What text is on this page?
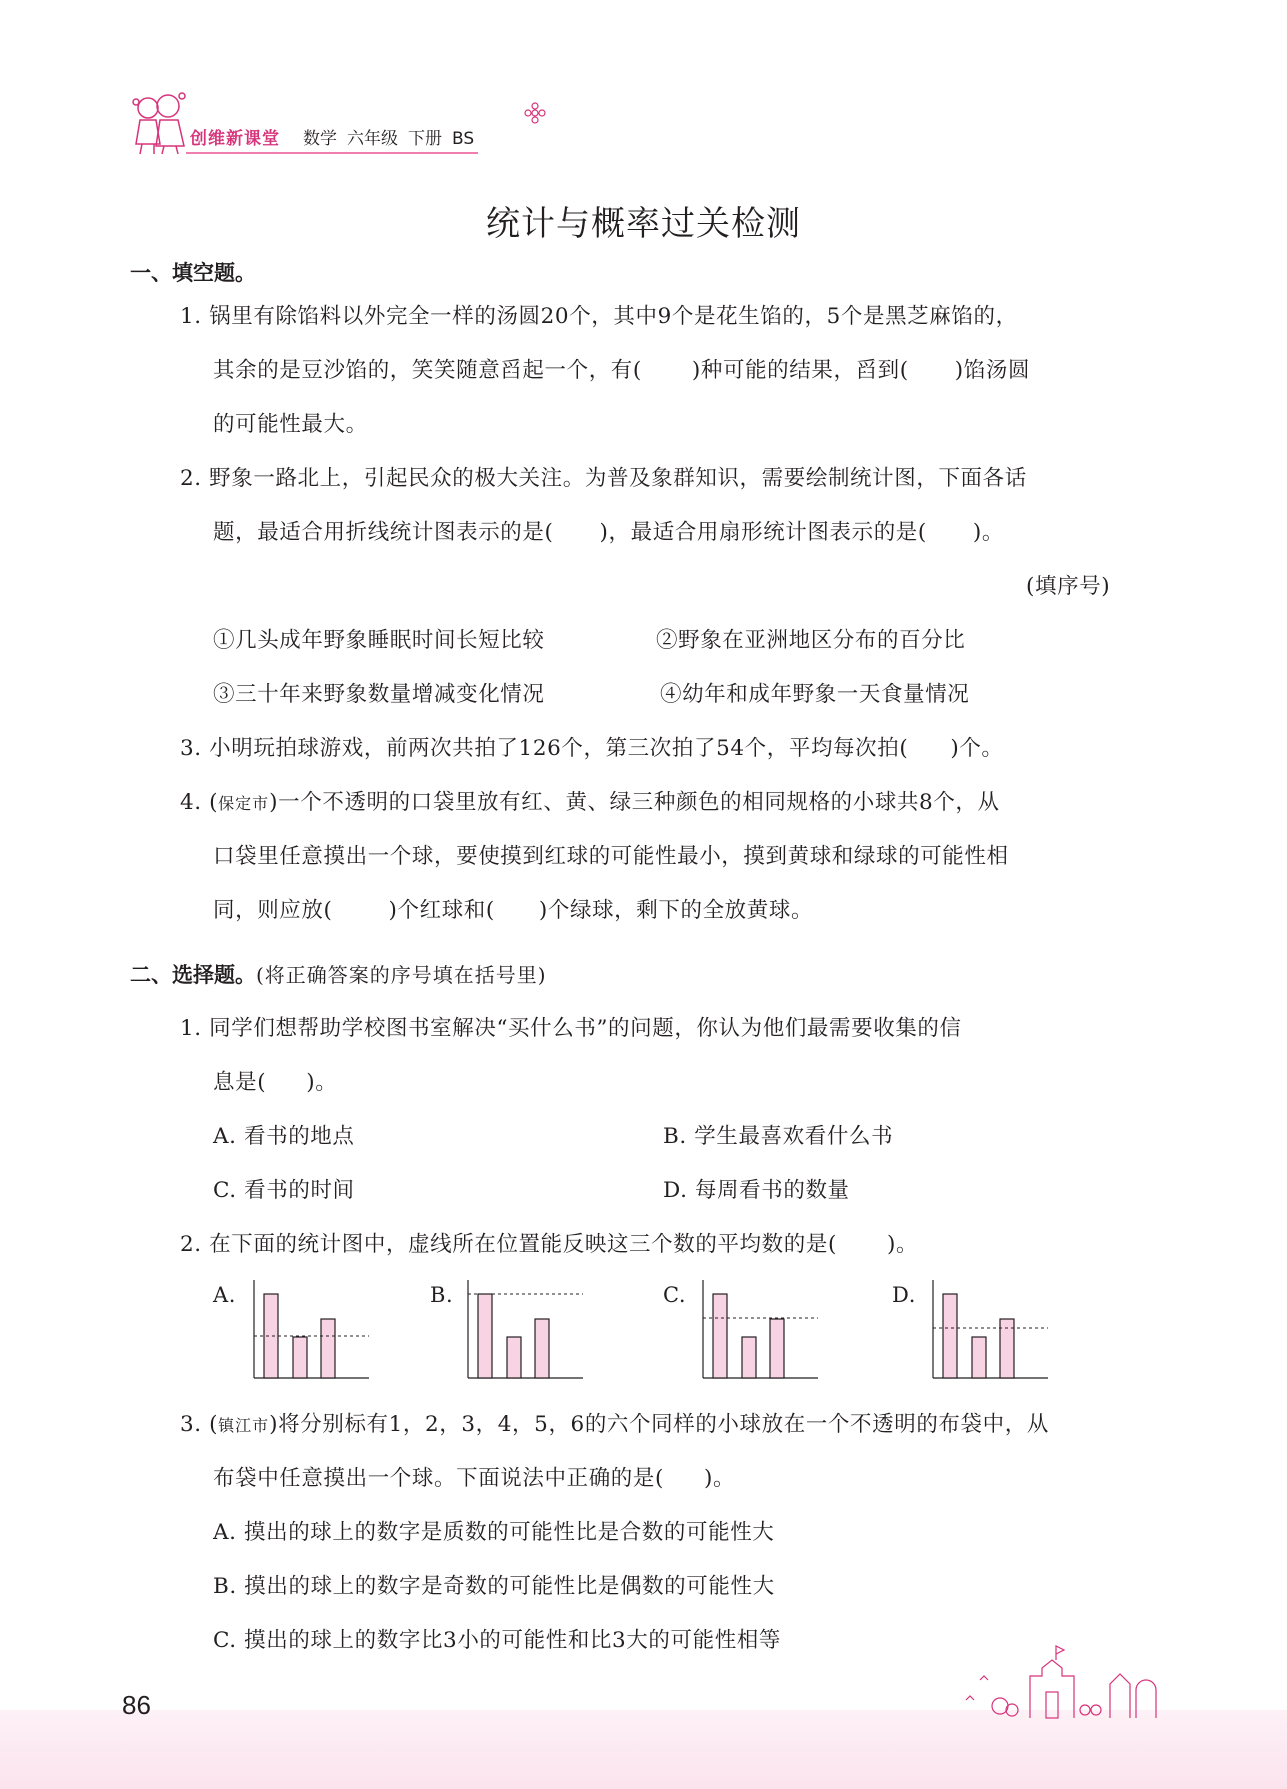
创维新课堂 数学 六年级 下册 BS
统计与概率过关检测
一、填空题。
1. 锅里有除馅料以外完全一样的汤圆20个，其中9个是花生馅的，5个是黑芝麻馅的，
其余的是豆沙馅的，笑笑随意舀起一个，有( )种可能的结果，舀到( )馅汤圆
的可能性最大。
2. 野象一路北上，引起民众的极大关注。为普及象群知识，需要绘制统计图，下面各话
题，最适合用折线统计图表示的是( )，最适合用扇形统计图表示的是( )。
(填序号)
①几头成年野象睡眠时间长短比较	②野象在亚洲地区分布的百分比
③三十年来野象数量增减变化情况	④幼年和成年野象一天食量情况
3. 小明玩拍球游戏，前两次共拍了126个，第三次拍了54个，平均每次拍( )个。
4. (保定市)一个不透明的口袋里放有红、黄、绿三种颜色的相同规格的小球共8个，从
口袋里任意摸出一个球，要使摸到红球的可能性最小，摸到黄球和绿球的可能性相
同，则应放(	)个红球和( )个绿球，剩下的全放黄球。
二、选择题。(将正确答案的序号填在括号里)
1. 同学们想帮助学校图书室解决“买什么书”的问题，你认为他们最需要收集的信
息是( )。
A. 看书的地点	B. 学生最喜欢看什么书
C. 看书的时间	D. 每周看书的数量
2. 在下面的统计图中，虚线所在位置能反映这三个数的平均数的是( )。
A.	B.	C.	D.
3. (镇江市)将分别标有1，2，3，4，5，6的六个同样的小球放在一个不透明的布袋中，从
布袋中任意摸出一个球。下面说法中正确的是( )。
A. 摸出的球上的数字是质数的可能性比是合数的可能性大
B. 摸出的球上的数字是奇数的可能性比是偶数的可能性大
C. 摸出的球上的数字比3小的可能性和比3大的可能性相等
86
